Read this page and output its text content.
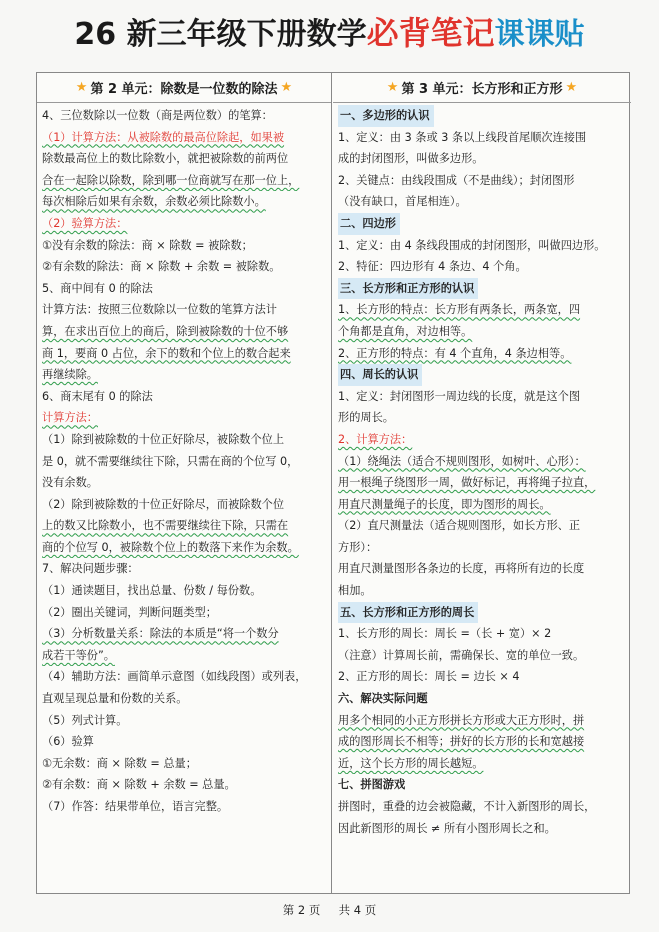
26 新三年级下册数学 必背笔记 课课贴
★ 第 2 单元：除数是一位数的除法 ★
4、三位数除以一位数（商是两位数）的笔算：
（1）计算方法：从被除数的最高位除起，如果被
除数最高位上的数比除数小，就把被除数的前两位
合在一起除以除数，除到哪一位商就写在那一位上，
每次相除后如果有余数，余数必须比除数小。
（2）验算方法：
①没有余数的除法：商 × 除数 = 被除数；
②有余数的除法：商 × 除数 + 余数 = 被除数。
5、商中间有 0 的除法
计算方法：按照三位数除以一位数的笔算方法计
算，在求出百位上的商后，除到被除数的十位不够
商 1，要商 0 占位，余下的数和个位上的数合起来
再继续除。
6、商末尾有 0 的除法
计算方法：
（1）除到被除数的十位正好除尽，被除数个位上
是 0，就不需要继续往下除，只需在商的个位写 0，
没有余数。
（2）除到被除数的十位正好除尽，而被除数个位
上的数又比除数小，也不需要继续往下除，只需在
商的个位写 0，被除数个位上的数落下来作为余数。
7、解决问题步骤：
（1）通读题目，找出总量、份数 / 每份数。
（2）圈出关键词，判断问题类型；
（3）分析数量关系：除法的本质是“将一个数分
成若干等份”。
（4）辅助方法：画简单示意图（如线段图）或列表，
直观呈现总量和份数的关系。
（5）列式计算。
（6）验算
①无余数：商 × 除数 = 总量；
②有余数：商 × 除数 + 余数 = 总量。
（7）作答：结果带单位，语言完整。
★ 第 3 单元：长方形和正方形 ★
一、多边形的认识
1、定义：由 3 条或 3 条以上线段首尾顺次连接围
成的封闭图形，叫做多边形。
2、关键点：由线段围成（不是曲线）；封闭图形
（没有缺口，首尾相连）。
二、四边形
1、定义：由 4 条线段围成的封闭图形，叫做四边形。
2、特征：四边形有 4 条边、4 个角。
三、长方形和正方形的认识
1、长方形的特点：长方形有两条长，两条宽，四
个角都是直角，对边相等。
2、正方形的特点：有 4 个直角，4 条边相等。
四、周长的认识
1、定义：封闭图形一周边线的长度，就是这个图
形的周长。
2、计算方法：
（1）绕绳法（适合不规则图形，如树叶、心形）：
用一根绳子绕图形一周，做好标记，再将绳子拉直，
用直尺测量绳子的长度，即为图形的周长。
（2）直尺测量法（适合规则图形，如长方形、正
方形）：
用直尺测量图形各条边的长度，再将所有边的长度
相加。
五、长方形和正方形的周长
1、长方形的周长：周长 =（长 + 宽）× 2
（注意）计算周长前，需确保长、宽的单位一致。
2、正方形的周长：周长 = 边长 × 4
六、解决实际问题
用多个相同的小正方形拼长方形或大正方形时，拼
成的图形周长不相等；拼好的长方形的长和宽越接
近，这个长方形的周长越短。
七、拼图游戏
拼图时，重叠的边会被隐藏，不计入新图形的周长，
因此新图形的周长 ≠ 所有小图形周长之和。
第 2 页 共 4 页
